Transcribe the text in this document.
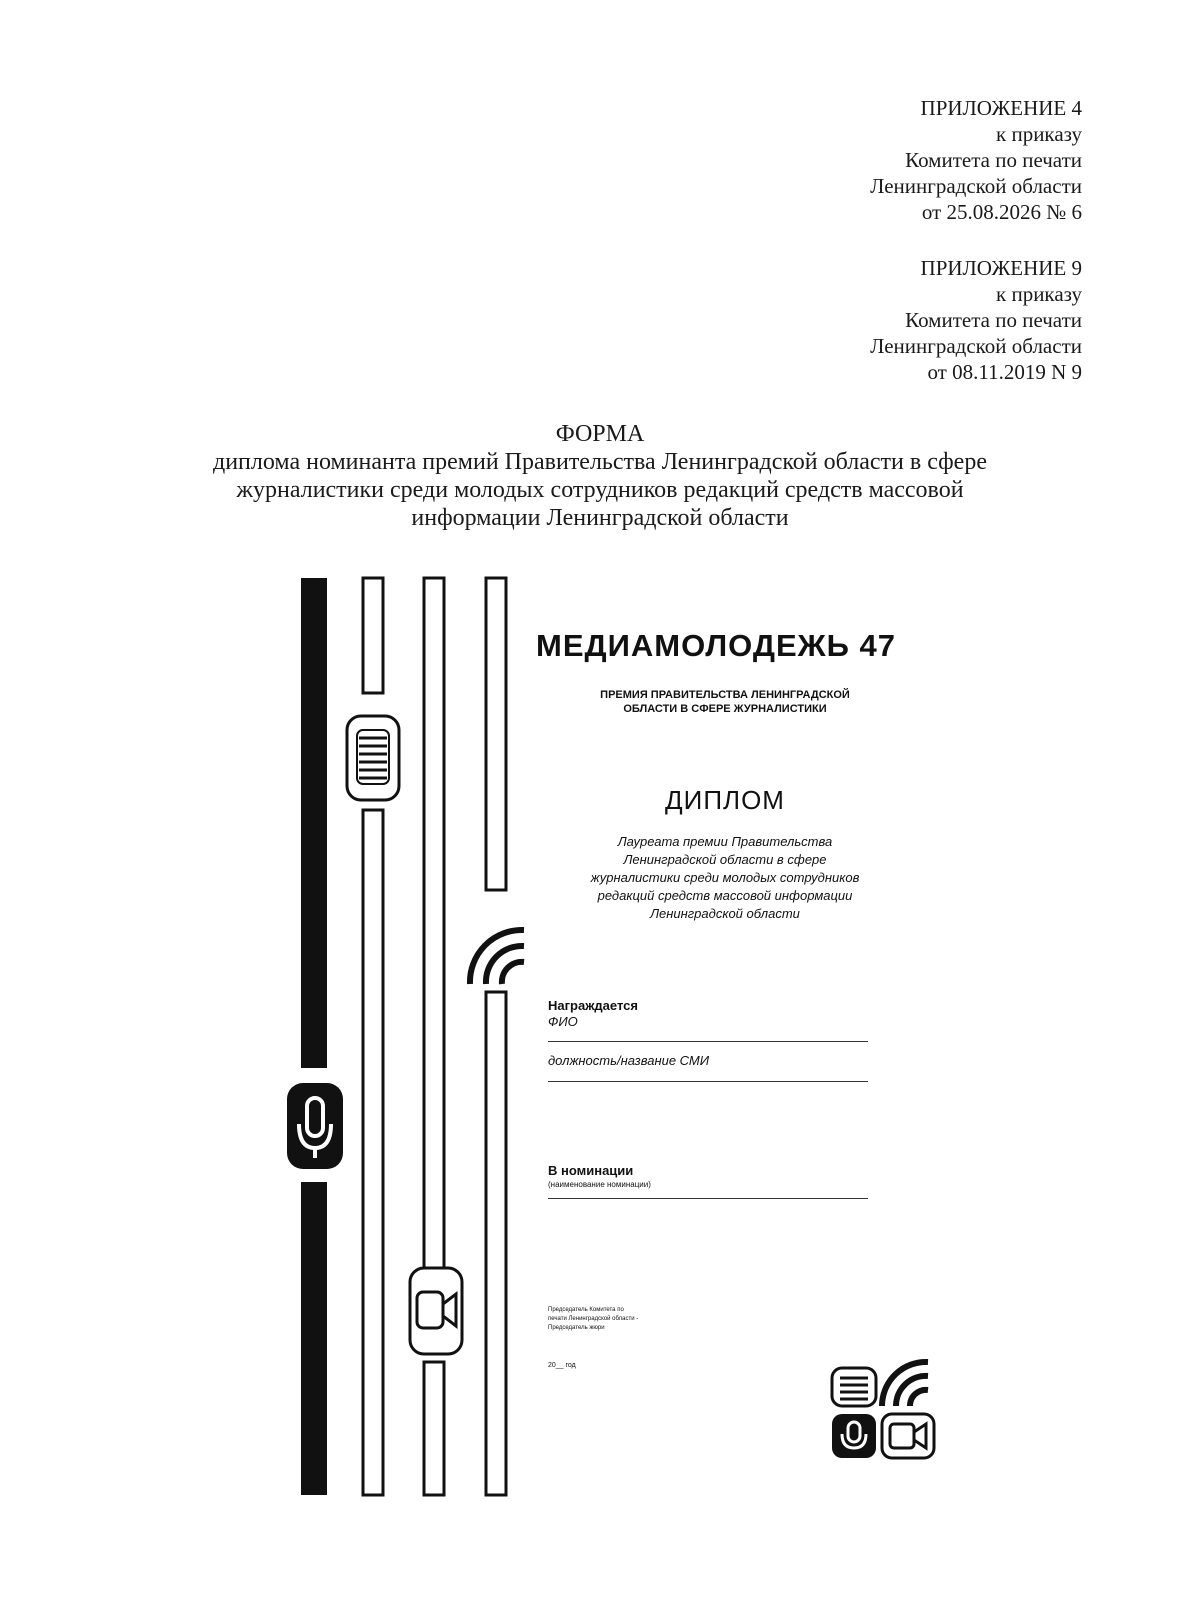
ПРИЛОЖЕНИЕ 4
к приказу
Комитета по печати
Ленинградской области
от 25.08.2026 № 6
ПРИЛОЖЕНИЕ 9
к приказу
Комитета по печати
Ленинградской области
от 08.11.2019 N 9
ФОРМА
диплома номинанта премий Правительства Ленинградской области в сфере
журналистики среди молодых сотрудников редакций средств массовой
информации Ленинградской области
МЕДИАМОЛОДЕЖЬ 47
ПРЕМИЯ ПРАВИТЕЛЬСТВА ЛЕНИНГРАДСКОЙ
ОБЛАСТИ В СФЕРЕ ЖУРНАЛИСТИКИ
ДИПЛОМ
Лауреата премии Правительства
Ленинградской области в сфере
журналистики среди молодых сотрудников
редакций средств массовой информации
Ленинградской области
Награждается
ФИО
должность/название СМИ
В номинации
(наименование номинации)
Председатель Комитета по
печати Ленинградской области -
Председатель жюри
20__ год
